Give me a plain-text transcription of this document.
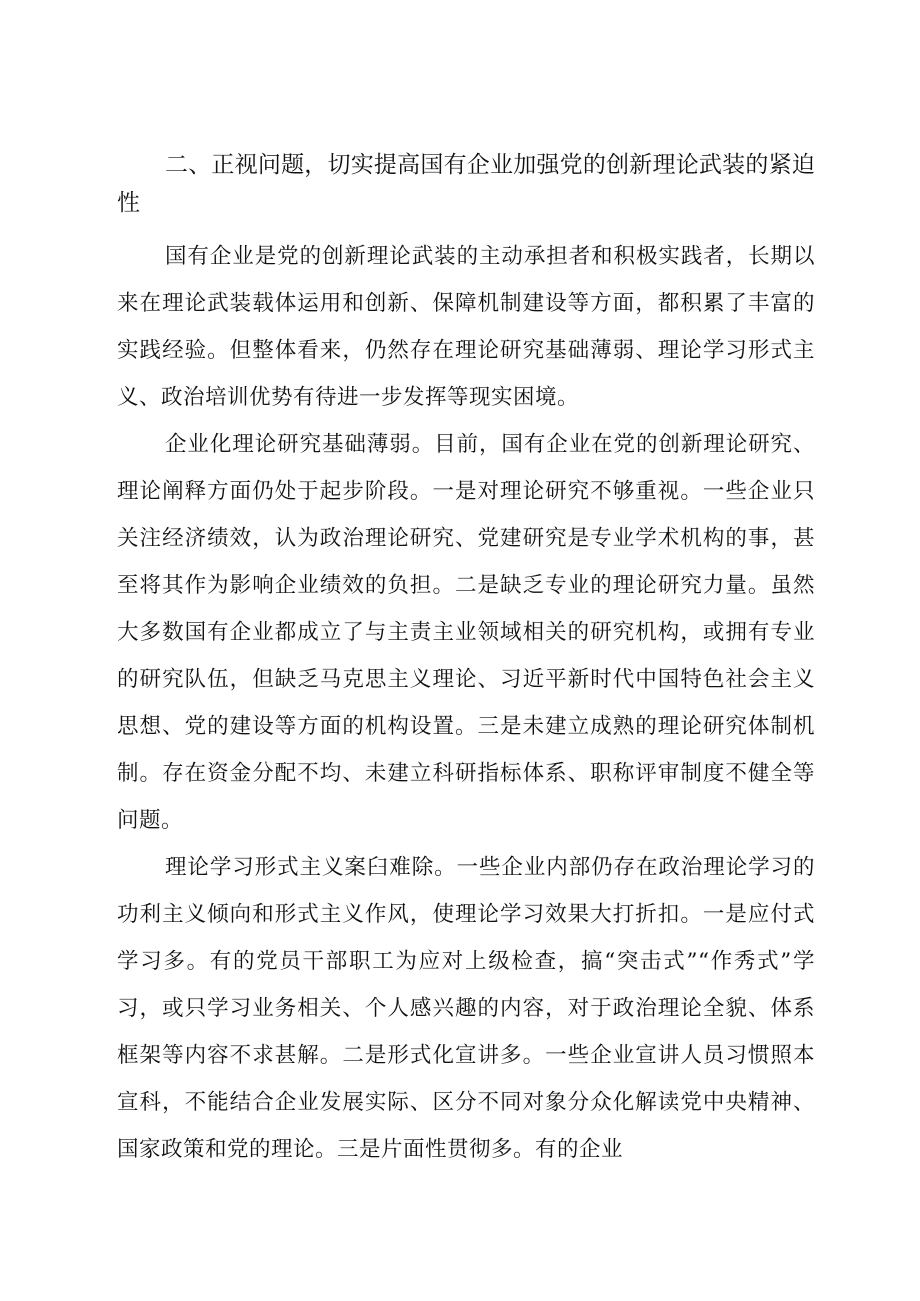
二、正视问题，切实提高国有企业加强党的创新理论武装的紧迫性

国有企业是党的创新理论武装的主动承担者和积极实践者，长期以来在理论武装载体运用和创新、保障机制建设等方面，都积累了丰富的实践经验。但整体看来，仍然存在理论研究基础薄弱、理论学习形式主义、政治培训优势有待进一步发挥等现实困境。

企业化理论研究基础薄弱。目前，国有企业在党的创新理论研究、理论阐释方面仍处于起步阶段。一是对理论研究不够重视。一些企业只关注经济绩效，认为政治理论研究、党建研究是专业学术机构的事，甚至将其作为影响企业绩效的负担。二是缺乏专业的理论研究力量。虽然大多数国有企业都成立了与主责主业领域相关的研究机构，或拥有专业的研究队伍，但缺乏马克思主义理论、习近平新时代中国特色社会主义思想、党的建设等方面的机构设置。三是未建立成熟的理论研究体制机制。存在资金分配不均、未建立科研指标体系、职称评审制度不健全等问题。

理论学习形式主义案臼难除。一些企业内部仍存在政治理论学习的功利主义倾向和形式主义作风，使理论学习效果大打折扣。一是应付式学习多。有的党员干部职工为应对上级检查，搞“突击式”“作秀式”学习，或只学习业务相关、个人感兴趣的内容，对于政治理论全貌、体系框架等内容不求甚解。二是形式化宣讲多。一些企业宣讲人员习惯照本宣科，不能结合企业发展实际、区分不同对象分众化解读党中央精神、国家政策和党的理论。三是片面性贯彻多。有的企业
